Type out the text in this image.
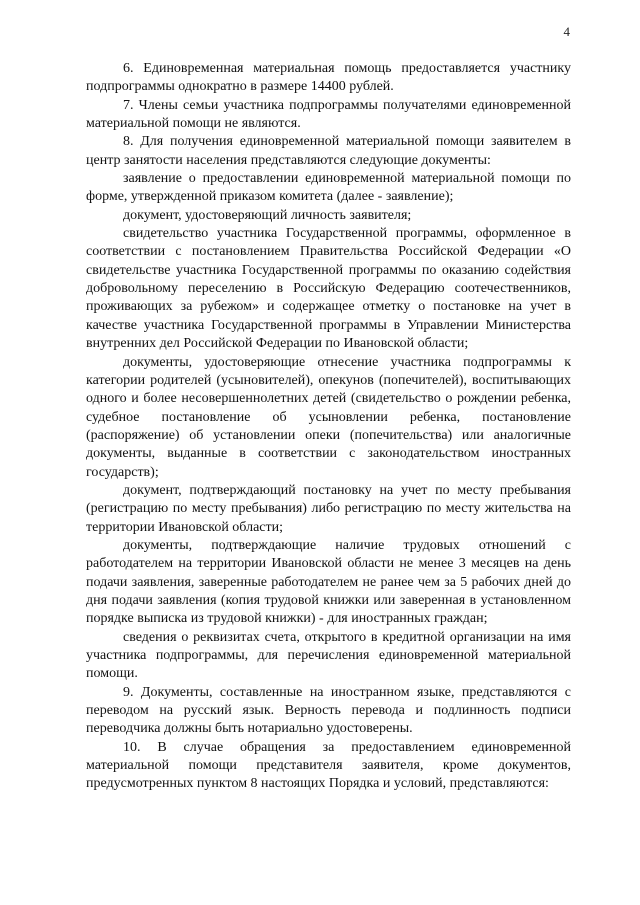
4

6. Единовременная материальная помощь предоставляется участнику подпрограммы однократно в размере 14400 рублей.

7. Члены семьи участника подпрограммы получателями единовременной материальной помощи не являются.

8. Для получения единовременной материальной помощи заявителем в центр занятости населения представляются следующие документы:

заявление о предоставлении единовременной материальной помощи по форме, утвержденной приказом комитета (далее - заявление);

документ, удостоверяющий личность заявителя;

свидетельство участника Государственной программы, оформленное в соответствии с постановлением Правительства Российской Федерации «О свидетельстве участника Государственной программы по оказанию содействия добровольному переселению в Российскую Федерацию соотечественников, проживающих за рубежом» и содержащее отметку о постановке на учет в качестве участника Государственной программы в Управлении Министерства внутренних дел Российской Федерации по Ивановской области;

документы, удостоверяющие отнесение участника подпрограммы к категории родителей (усыновителей), опекунов (попечителей), воспитывающих одного и более несовершеннолетних детей (свидетельство о рождении ребенка, судебное постановление об усыновлении ребенка, постановление (распоряжение) об установлении опеки (попечительства) или аналогичные документы, выданные в соответствии с законодательством иностранных государств);

документ, подтверждающий постановку на учет по месту пребывания (регистрацию по месту пребывания) либо регистрацию по месту жительства на территории Ивановской области;

документы, подтверждающие наличие трудовых отношений с работодателем на территории Ивановской области не менее 3 месяцев на день подачи заявления, заверенные работодателем не ранее чем за 5 рабочих дней до дня подачи заявления (копия трудовой книжки или заверенная в установленном порядке выписка из трудовой книжки) - для иностранных граждан;

сведения о реквизитах счета, открытого в кредитной организации на имя участника подпрограммы, для перечисления единовременной материальной помощи.

9. Документы, составленные на иностранном языке, представляются с переводом на русский язык. Верность перевода и подлинность подписи переводчика должны быть нотариально удостоверены.

10. В случае обращения за предоставлением единовременной материальной помощи представителя заявителя, кроме документов, предусмотренных пунктом 8 настоящих Порядка и условий, представляются:
